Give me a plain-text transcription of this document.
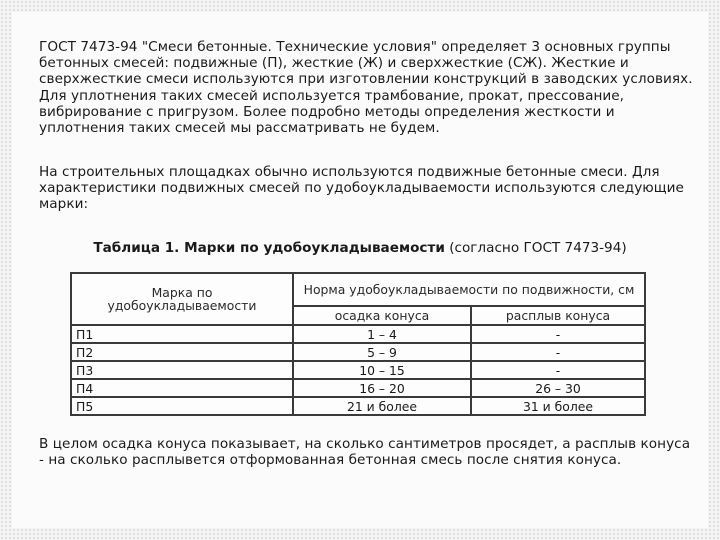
ГОСТ 7473-94 "Смеси бетонные. Технические условия" определяет 3 основных группы бетонных смесей: подвижные (П), жесткие (Ж) и сверхжесткие (СЖ). Жесткие и сверхжесткие смеси используются при изготовлении конструкций в заводских условиях. Для уплотнения таких смесей используется трамбование, прокат, прессование, вибрирование с пригрузом. Более подробно методы определения жесткости и уплотнения таких смесей мы рассматривать не будем.

На строительных площадках обычно используются подвижные бетонные смеси. Для характеристики подвижных смесей по удобоукладываемости используются следующие марки:

Таблица 1. Марки по удобоукладываемости (согласно ГОСТ 7473-94)
Марка по удобоукладываемости	Норма удобоукладываемости по подвижности, см	
	осадка конуса	расплыв конуса
П1	1 – 4	-
П2	5 – 9	-
П3	10 – 15	-
П4	16 – 20	26 – 30
П5	21 и более	31 и более

В целом осадка конуса показывает, на сколько сантиметров просядет, а расплыв конуса - на сколько расплывется отформованная бетонная смесь после снятия конуса.
